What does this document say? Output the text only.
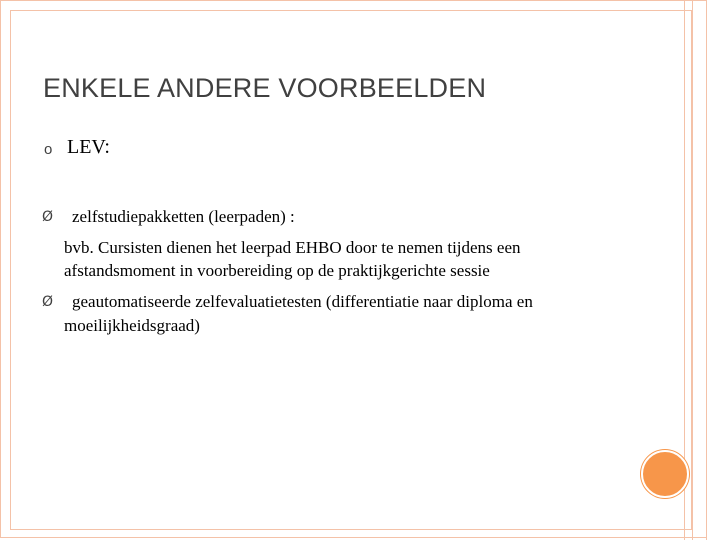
ENKELE ANDERE VOORBEELDEN
o LEV:
Ø zelfstudiepakketten (leerpaden) :
bvb. Cursisten dienen het leerpad EHBO door te nemen tijdens een
afstandsmoment in voorbereiding op de praktijkgerichte sessie
Ø geautomatiseerde zelfevaluatietesten (differentiatie naar diploma en
moeilijkheidsgraad)
